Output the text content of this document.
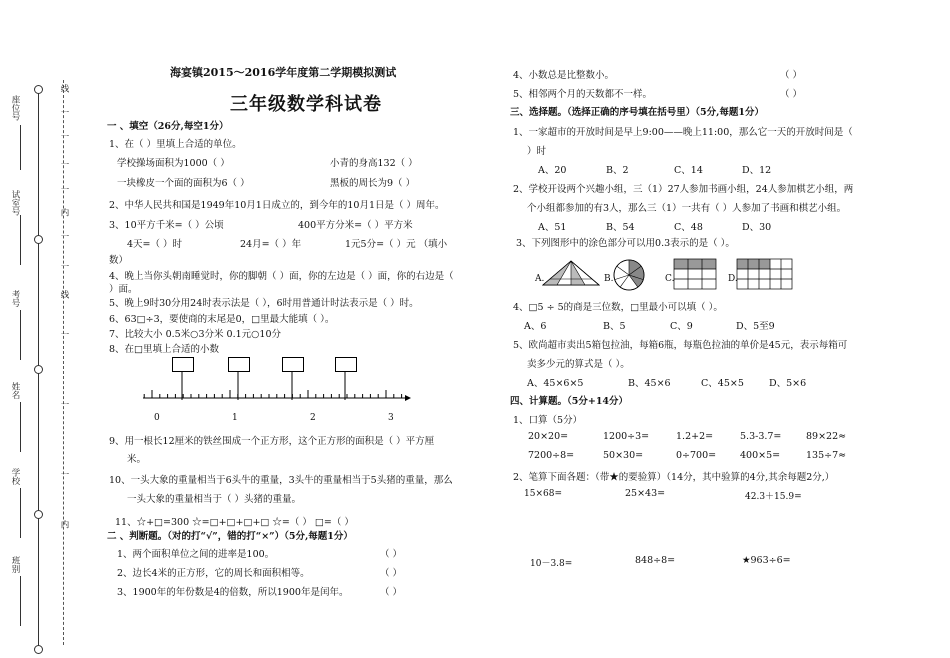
座位号
试室号
考号
姓名
学校
班别
线
一
一
一
一
内
一
一
线
一
一
一
内
海宴镇2015～2016学年度第二学期模拟测试
三年级数学科试卷
一 、填空（26分,每空1分）
1、在（ ）里填上合适的单位。
学校操场面积为1000（ ）	小青的身高132（ ）
一块橡皮一个面的面积为6（ ）	黑板的周长为9（ ）
2、中华人民共和国是1949年10月1日成立的，到今年的10月1日是（ ）周年。
3、10平方千米=（ ）公顷	400平方分米=（ ）平方米
4天=（ ）时	24月=（ ）年	1元5分=（ ）元 （填小
数）
4、晚上当你头朝南睡觉时，你的脚朝（ ）面，你的左边是（ ）面，你的右边是（
）面。
5、晚上9时30分用24时表示法是（ ），6时用普通计时法表示是（ ）时。
6、63□÷3，要使商的末尾是0，□里最大能填（ ）。
7、比较大小 0.5米○3分米 0.1元○10分
8、在□里填上合适的小数
0	1	2	3
9、用一根长12厘米的铁丝围成一个正方形，这个正方形的面积是（ ）平方厘
米。
10、一头大象的重量相当于6头牛的重量，3头牛的重量相当于5头猪的重量，那么
一头大象的重量相当于（ ）头猪的重量。
11、☆+□=300 ☆=□+□+□+□ ☆=（ ） □=（ ）
二 、判断题。（对的打“√”，错的打“×”）（5分,每题1分）
1、两个面积单位之间的进率是100。	（ ）
2、边长4米的正方形，它的周长和面积相等。	（ ）
3、1900年的年份数是4的倍数，所以1900年是闰年。	（ ）
4、小数总是比整数小。	（ ）
5、相邻两个月的天数都不一样。	（ ）
三、选择题。（选择正确的序号填在括号里）（5分,每题1分）
1、一家超市的开放时间是早上9:00——晚上11:00，那么它一天的开放时间是（
）时
A、20	B、2	C、14	D、12
2、学校开设两个兴趣小组，三（1）27人参加书画小组，24人参加棋艺小组，两
个小组都参加的有3人，那么三（1）一共有（ ）人参加了书画和棋艺小组。
A、51	B、54	C、48	D、30
3、下列图形中的涂色部分可以用0.3表示的是（ ）。
A.	B.	C.	D.
4、□5 ÷ 5的商是三位数，□里最小可以填（ ）。
A、6	B、5	C、9	D、5至9
5、欧尚超市卖出5箱包拉油，每箱6瓶，每瓶色拉油的单价是45元，表示每箱可
卖多少元的算式是（ ）。
A、45×6×5	B、45×6	C、45×5	D、5×6
四、计算题。（5分+14分）
1、口算（5分）
20×20=	1200÷3=	1.2+2=	5.3-3.7=	89×22≈
7200÷8=	50×30=	0÷700=	400×5=	135÷7≈
2、笔算下面各题：（带★的要验算）（14分，其中验算的4分,其余每题2分,）
15×68=	25×43=	42.3＋15.9=
10－3.8=	848÷8=	★963÷6=
